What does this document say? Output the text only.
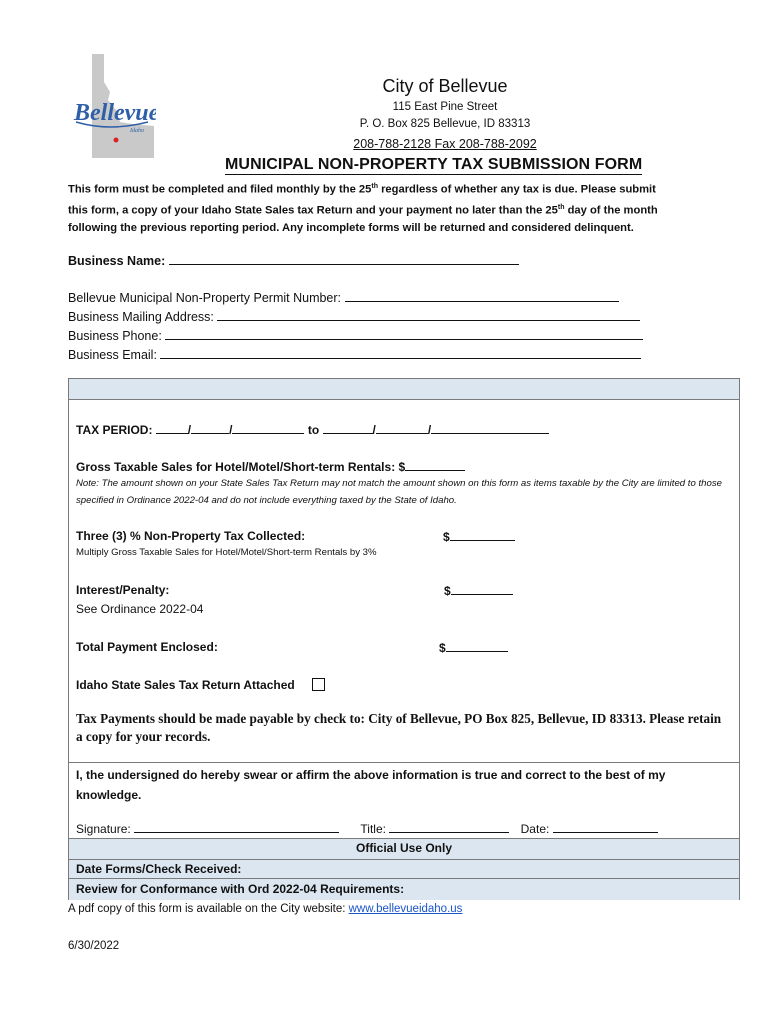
Bellevue
Idaho
City of Bellevue
115 East Pine Street
P. O. Box 825 Bellevue, ID 83313
208-788-2128 Fax 208-788-2092
MUNICIPAL NON-PROPERTY TAX SUBMISSION FORM
This form must be completed and filed monthly by the 25th regardless of whether any tax is due. Please submit
this form, a copy of your Idaho State Sales tax Return and your payment no later than the 25th day of the month
following the previous reporting period. Any incomplete forms will be returned and considered delinquent.
Business Name:
Bellevue Municipal Non-Property Permit Number:
Business Mailing Address:
Business Phone:
Business Email:
TAX PERIOD:	/	/	to	/	/
Gross Taxable Sales for Hotel/Motel/Short-term Rentals: $
Note: The amount shown on your State Sales Tax Return may not match the amount shown on this form as items taxable by the City are limited to those specified in Ordinance 2022-04 and do not include everything taxed by the State of Idaho.
Three (3) % Non-Property Tax Collected:	$
Multiply Gross Taxable Sales for Hotel/Motel/Short-term Rentals by 3%
Interest/Penalty:	$
See Ordinance 2022-04
Total Payment Enclosed:	$
Idaho State Sales Tax Return Attached
Tax Payments should be made payable by check to: City of Bellevue, PO Box 825, Bellevue, ID 83313. Please retain a copy for your records.
I, the undersigned do hereby swear or affirm the above information is true and correct to the best of my knowledge.
Signature:	Title:	Date:
Official Use Only
Date Forms/Check Received:
Review for Conformance with Ord 2022-04 Requirements:
A pdf copy of this form is available on the City website: www.bellevueidaho.us
6/30/2022
